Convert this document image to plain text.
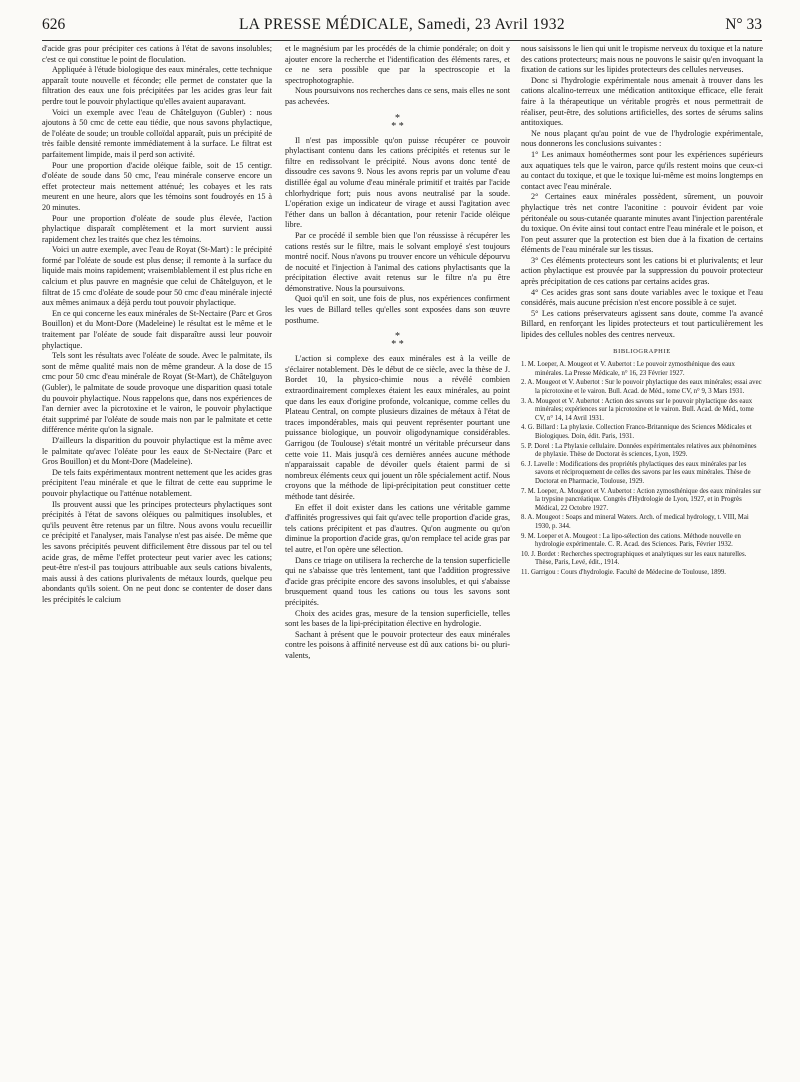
626	LA PRESSE MÉDICALE, Samedi, 23 Avril 1932	N° 33

d'acide gras pour précipiter ces cations à l'état de savons insolubles; c'est ce qui constitue le point de floculation.

Appliquée à l'étude biologique des eaux minérales, cette technique apparaît toute nouvelle et féconde; elle permet de constater que la filtration des eaux une fois précipitées par les acides gras leur fait perdre tout le pouvoir phylactique qu'elles avaient auparavant.

Voici un exemple avec l'eau de Châtelguyon (Gubler) : nous ajoutons à 50 cmc de cette eau tiédie, que nous savons phylactique, de l'oléate de soude; un trouble colloïdal apparaît, puis un précipité de très faible densité remonte immédiatement à la surface. Le filtrat est parfaitement limpide, mais il perd son activité.

Pour une proportion d'acide oléique faible, soit de 15 centigr. d'oléate de soude dans 50 cmc, l'eau minérale conserve encore un effet protecteur mais nettement atténué; les cobayes et les rats meurent en une heure, alors que les témoins sont foudroyés en 15 à 20 minutes.

Pour une proportion d'oléate de soude plus élevée, l'action phylactique disparaît complètement et la mort survient aussi rapidement chez les traités que chez les témoins.

Voici un autre exemple, avec l'eau de Royat (St-Mart) : le précipité formé par l'oléate de soude est plus dense; il remonte à la surface du liquide mais moins rapidement; vraisemblablement il est plus riche en calcium et plus pauvre en magnésie que celui de Châtelguyon, et le filtrat de 15 cmc d'oléate de soude pour 50 cmc d'eau minérale injecté aux mêmes animaux a déjà perdu tout pouvoir phylactique.

En ce qui concerne les eaux minérales de St-Nectaire (Parc et Gros Bouillon) et du Mont-Dore (Madeleine) le résultat est le même et le traitement par l'oléate de soude fait disparaître aussi leur pouvoir phylactique.

Tels sont les résultats avec l'oléate de soude. Avec le palmitate, ils sont de même qualité mais non de même grandeur. A la dose de 15 cmc pour 50 cmc d'eau minérale de Royat (St-Mart), de Châtelguyon (Gubler), le palmitate de soude provoque une disparition quasi totale du pouvoir phylactique. Nous rappelons que, dans nos expériences de l'an dernier avec la picrotoxine et le vairon, le pouvoir phylactique était supprimé par l'oléate de soude mais non par le palmitate et cette différence mérite qu'on la signale.

D'ailleurs la disparition du pouvoir phylactique est la même avec le palmitate qu'avec l'oléate pour les eaux de St-Nectaire (Parc et Gros Bouillon) et du Mont-Dore (Madeleine).

De tels faits expérimentaux montrent nettement que les acides gras précipitent l'eau minérale et que le filtrat de cette eau supprime le pouvoir phylactique ou l'atténue notablement.

Ils prouvent aussi que les principes protecteurs phylactiques sont précipités à l'état de savons oléiques ou palmitiques insolubles, et qu'ils peuvent être retenus par un filtre. Nous avons voulu recueillir ce précipité et l'analyser, mais l'analyse n'est pas aisée. De même que les savons précipités peuvent difficilement être dissous par tel ou tel acide gras, de même l'effet protecteur peut varier avec les cations; peut-être n'est-il pas toujours attribuable aux seuls cations bivalents, mais aussi à des cations plurivalents de métaux lourds, quelque peu abondants qu'ils soient. On ne peut donc se contenter de doser dans les précipités le calcium

et le magnésium par les procédés de la chimie pondérale; on doit y ajouter encore la recherche et l'identification des éléments rares, et ce ne sera possible que par la spectroscopie et la spectrophotographie.

Nous poursuivons nos recherches dans ce sens, mais elles ne sont pas achevées.

*
* *

Il n'est pas impossible qu'on puisse récupérer ce pouvoir phylactisant contenu dans les cations précipités et retenus sur le filtre en redissolvant le précipité. Nous avons donc tenté de dissoudre ces savons 9. Nous les avons repris par un volume d'eau distillée égal au volume d'eau minérale primitif et traités par l'acide chlorhydrique fort; puis nous avons neutralisé par la soude. L'opération exige un indicateur de virage et aussi l'agitation avec l'éther dans un ballon à décantation, pour retenir l'acide oléique libre.

Par ce procédé il semble bien que l'on réussisse à récupérer les cations restés sur le filtre, mais le solvant employé s'est toujours montré nocif. Nous n'avons pu trouver encore un véhicule dépourvu de nocuité et l'injection à l'animal des cations phylactisants que la précipitation élective avait retenus sur le filtre n'a pu être démonstrative. Nous la poursuivons.

Quoi qu'il en soit, une fois de plus, nos expériences confirment les vues de Billard telles qu'elles sont exposées dans son œuvre posthume.

*
* *

L'action si complexe des eaux minérales est à la veille de s'éclairer notablement. Dès le début de ce siècle, avec la thèse de J. Bordet 10, la physico-chimie nous a révélé combien extraordinairement complexes étaient les eaux minérales, au point que dans les eaux d'origine profonde, volcanique, comme celles du Plateau Central, on compte plusieurs dizaines de métaux à l'état de traces impondérables, mais qui peuvent représenter pourtant une puissance biologique, un pouvoir oligodynamique considérables. Garrigou (de Toulouse) s'était montré un véritable précurseur dans cette voie 11. Mais jusqu'à ces dernières années aucune méthode n'apparaissait capable de dévoiler quels étaient parmi de si nombreux éléments ceux qui jouent un rôle spécialement actif. Nous croyons que la méthode de lipi-précipitation peut constituer cette méthode tant désirée.

En effet il doit exister dans les cations une véritable gamme d'affinités progressives qui fait qu'avec telle proportion d'acide gras, tels cations précipitent et pas d'autres. Qu'on augmente ou qu'on diminue la proportion d'acide gras, qu'on remplace tel acide gras par tel autre, et l'on opère une sélection.

Dans ce triage on utilisera la recherche de la tension superficielle qui ne s'abaisse que très lentement, tant que l'addition progressive d'acide gras précipite encore des savons insolubles, et qui s'abaisse brusquement quand tous les cations ou tous les savons sont précipités.

Choix des acides gras, mesure de la tension superficielle, telles sont les bases de la lipi-précipitation élective en hydrologie.

Sachant à présent que le pouvoir protecteur des eaux minérales contre les poisons à affinité nerveuse est dû aux cations bi- ou pluri-valents,

nous saisissons le lien qui unit le tropisme nerveux du toxique et la nature des cations protecteurs; mais nous ne pouvons le saisir qu'en invoquant la fixation de cations sur les lipides protecteurs des cellules nerveuses.

Donc si l'hydrologie expérimentale nous amenait à trouver dans les cations alcalino-terreux une médication antitoxique efficace, elle ferait faire à la thérapeutique un véritable progrès et nous permettrait de réaliser, peut-être, des solutions artificielles, des sortes de sérums salins antitoxiques.

Ne nous plaçant qu'au point de vue de l'hydrologie expérimentale, nous donnerons les conclusions suivantes :

1° Les animaux homéothermes sont pour les expériences supérieurs aux aquatiques tels que le vairon, parce qu'ils restent moins que ceux-ci au contact du toxique, et que le toxique lui-même est moins longtemps en contact avec l'eau minérale.

2° Certaines eaux minérales possèdent, sûrement, un pouvoir phylactique très net contre l'aconitine : pouvoir évident par voie péritonéale ou sous-cutanée quarante minutes avant l'injection parentérale du toxique. On évite ainsi tout contact entre l'eau minérale et le poison, et l'on peut assurer que la protection est bien due à la fixation de certains éléments de l'eau minérale sur les tissus.

3° Ces éléments protecteurs sont les cations bi et plurivalents; et leur action phylactique est prouvée par la suppression du pouvoir protecteur après précipitation de ces cations par certains acides gras.

4° Ces acides gras sont sans doute variables avec le toxique et l'eau considérés, mais aucune précision n'est encore possible à ce sujet.

5° Les cations préservateurs agissent sans doute, comme l'a avancé Billard, en renforçant les lipides protecteurs et tout particulièrement les lipides des cellules nobles des centres nerveux.

BIBLIOGRAPHIE
1. M. Loeper, A. Mougeot et V. Aubertot : Le pouvoir zymosthénique des eaux minérales. La Presse Médicale, n° 16, 23 Février 1927.
2. A. Mougeot et V. Aubertot : Sur le pouvoir phylactique des eaux minérales; essai avec la picrotoxine et le vairon. Bull. Acad. de Méd., tome CV, n° 9, 3 Mars 1931.
3. A. Mougeot et V. Aubertot : Action des savons sur le pouvoir phylactique des eaux minérales; expériences sur la picrotoxine et le vairon. Bull. Acad. de Méd., tome CV, n° 14, 14 Avril 1931.
4. G. Billard : La phylaxie. Collection Franco-Britannique des Sciences Médicales et Biologiques. Doin, édit. Paris, 1931.
5. P. Dorel : La Phylaxie cellulaire. Données expérimentales relatives aux phénomènes de phylaxie. Thèse de Doctorat ès sciences, Lyon, 1929.
6. J. Lavelle : Modifications des propriétés phylactiques des eaux minérales par les savons et réciproquement de celles des savons par les eaux minérales. Thèse de Doctorat en Pharmacie, Toulouse, 1929.
7. M. Loeper, A. Mougeot et V. Aubertot : Action zymosthénique des eaux minérales sur la trypsine pancréatique. Congrès d'Hydrologie de Lyon, 1927, et in Progrès Médical, 22 Octobre 1927.
8. A. Mougeot : Soaps and mineral Waters. Arch. of medical hydrology, t. VIII, Mai 1930, p. 344.
9. M. Loeper et A. Mougeot : La lipo-sélection des cations. Méthode nouvelle en hydrologie expérimentale. C. R. Acad. des Sciences. Paris, Février 1932.
10. J. Bordet : Recherches spectrographiques et analytiques sur les eaux naturelles. Thèse, Paris, Levé, édit., 1914.
11. Garrigou : Cours d'hydrologie. Faculté de Médecine de Toulouse, 1899.
